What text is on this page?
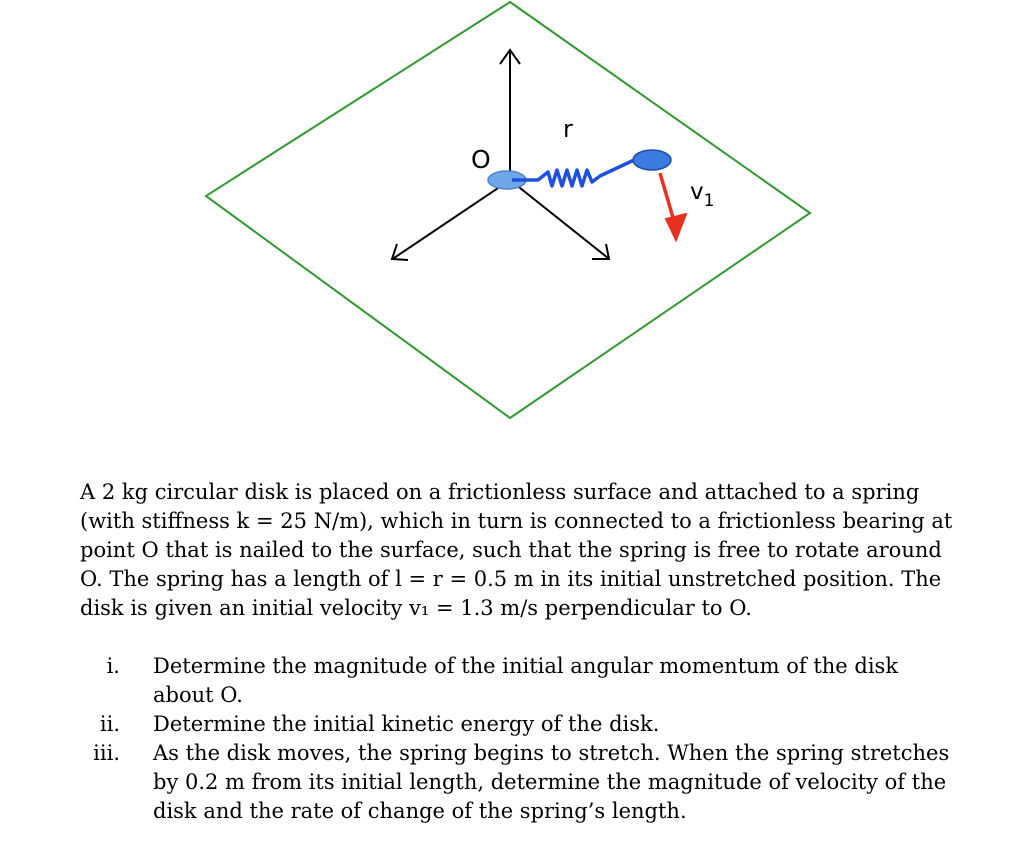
O
r
$v_1$
A 2 kg circular disk is placed on a frictionless surface and attached to a spring
(with stiffness k = 25 N/m), which in turn is connected to a frictionless bearing at
point O that is nailed to the surface, such that the spring is free to rotate around
O. The spring has a length of l = r = 0.5 m in its initial unstretched position. The
disk is given an initial velocity v₁ = 1.3 m/s perpendicular to O.
i. Determine the magnitude of the initial angular momentum of the disk
about O.
ii. Determine the initial kinetic energy of the disk.
iii. As the disk moves, the spring begins to stretch. When the spring stretches
by 0.2 m from its initial length, determine the magnitude of velocity of the
disk and the rate of change of the spring’s length.
